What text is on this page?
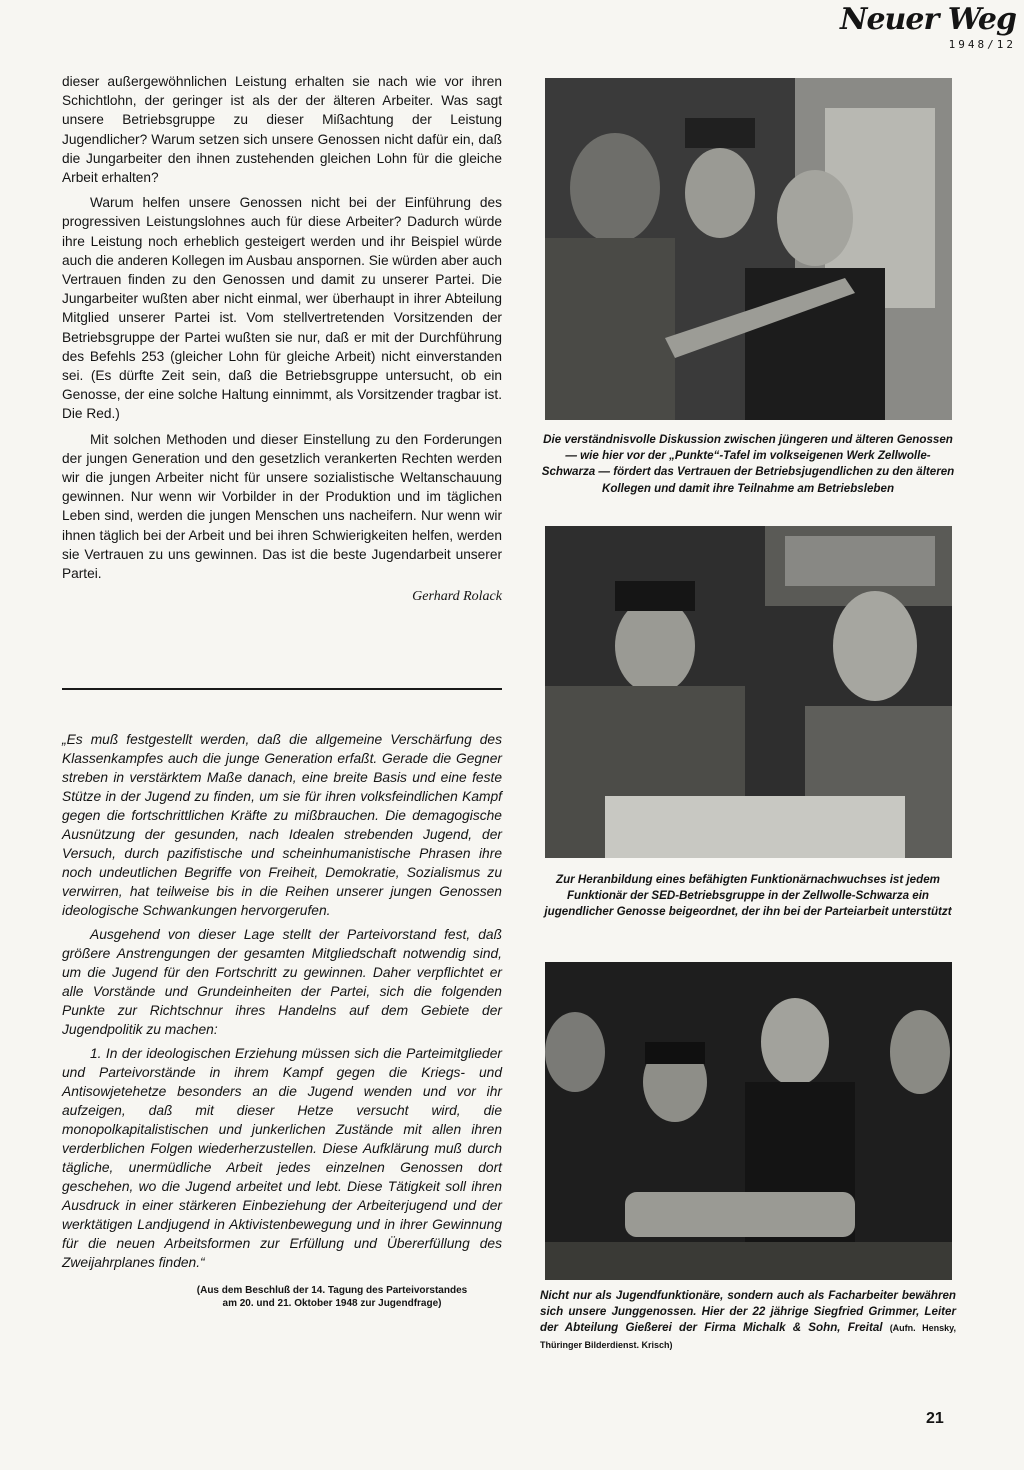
Neuer Weg
1948/12

dieser außergewöhnlichen Leistung erhalten sie nach wie vor ihren Schichtlohn, der geringer ist als der der älteren Arbeiter. Was sagt unsere Betriebsgruppe zu dieser Mißachtung der Leistung Jugendlicher? Warum setzen sich unsere Genossen nicht dafür ein, daß die Jungarbeiter den ihnen zustehenden gleichen Lohn für die gleiche Arbeit erhalten?

Warum helfen unsere Genossen nicht bei der Einführung des progressiven Leistungslohnes auch für diese Arbeiter? Dadurch würde ihre Leistung noch erheblich gesteigert werden und ihr Beispiel würde auch die anderen Kollegen im Ausbau anspornen. Sie würden aber auch Vertrauen finden zu den Genossen und damit zu unserer Partei. Die Jungarbeiter wußten aber nicht einmal, wer überhaupt in ihrer Abteilung Mitglied unserer Partei ist. Vom stellvertretenden Vorsitzenden der Betriebsgruppe der Partei wußten sie nur, daß er mit der Durchführung des Befehls 253 (gleicher Lohn für gleiche Arbeit) nicht einverstanden sei. (Es dürfte Zeit sein, daß die Betriebsgruppe untersucht, ob ein Genosse, der eine solche Haltung einnimmt, als Vorsitzender tragbar ist. Die Red.)

Mit solchen Methoden und dieser Einstellung zu den Forderungen der jungen Generation und den gesetzlich verankerten Rechten werden wir die jungen Arbeiter nicht für unsere sozialistische Weltanschauung gewinnen. Nur wenn wir Vorbilder in der Produktion und im täglichen Leben sind, werden die jungen Menschen uns nacheifern. Nur wenn wir ihnen täglich bei der Arbeit und bei ihren Schwierigkeiten helfen, werden sie Vertrauen zu uns gewinnen. Das ist die beste Jugendarbeit unserer Partei.

Gerhard Rolack

„Es muß festgestellt werden, daß die allgemeine Verschärfung des Klassenkampfes auch die junge Generation erfaßt. Gerade die Gegner streben in verstärktem Maße danach, eine breite Basis und eine feste Stütze in der Jugend zu finden, um sie für ihren volksfeindlichen Kampf gegen die fortschrittlichen Kräfte zu mißbrauchen. Die demagogische Ausnützung der gesunden, nach Idealen strebenden Jugend, der Versuch, durch pazifistische und scheinhumanistische Phrasen ihre noch undeutlichen Begriffe von Freiheit, Demokratie, Sozialismus zu verwirren, hat teilweise bis in die Reihen unserer jungen Genossen ideologische Schwankungen hervorgerufen.

Ausgehend von dieser Lage stellt der Parteivorstand fest, daß größere Anstrengungen der gesamten Mitgliedschaft notwendig sind, um die Jugend für den Fortschritt zu gewinnen. Daher verpflichtet er alle Vorstände und Grundeinheiten der Partei, sich die folgenden Punkte zur Richtschnur ihres Handelns auf dem Gebiete der Jugendpolitik zu machen:

1. In der ideologischen Erziehung müssen sich die Parteimitglieder und Parteivorstände in ihrem Kampf gegen die Kriegs- und Antisowjetehetze besonders an die Jugend wenden und vor ihr aufzeigen, daß mit dieser Hetze versucht wird, die monopolkapitalistischen und junkerlichen Zustände mit allen ihren verderblichen Folgen wiederherzustellen. Diese Aufklärung muß durch tägliche, unermüdliche Arbeit jedes einzelnen Genossen dort geschehen, wo die Jugend arbeitet und lebt. Diese Tätigkeit soll ihren Ausdruck in einer stärkeren Einbeziehung der Arbeiterjugend und der werktätigen Landjugend in Aktivistenbewegung und in ihrer Gewinnung für die neuen Arbeitsformen zur Erfüllung und Übererfüllung des Zweijahrplanes finden.“

(Aus dem Beschluß der 14. Tagung des Parteivorstandes
am 20. und 21. Oktober 1948 zur Jugendfrage)
Die verständnisvolle Diskussion zwischen jüngeren und älteren Genossen — wie hier vor der „Punkte“-Tafel im volkseigenen Werk Zellwolle-Schwarza — fördert das Vertrauen der Betriebsjugendlichen zu den älteren Kollegen und damit ihre Teilnahme am Betriebsleben
Zur Heranbildung eines befähigten Funktionärnachwuchses ist jedem Funktionär der SED-Betriebsgruppe in der Zellwolle-Schwarza ein jugendlicher Genosse beigeordnet, der ihn bei der Parteiarbeit unterstützt
Nicht nur als Jugendfunktionäre, sondern auch als Facharbeiter bewähren sich unsere Junggenossen. Hier der 22 jährige Siegfried Grimmer, Leiter der Abteilung Gießerei der Firma Michalk & Sohn, Freital (Aufn. Hensky, Thüringer Bilderdienst. Krisch)
21
